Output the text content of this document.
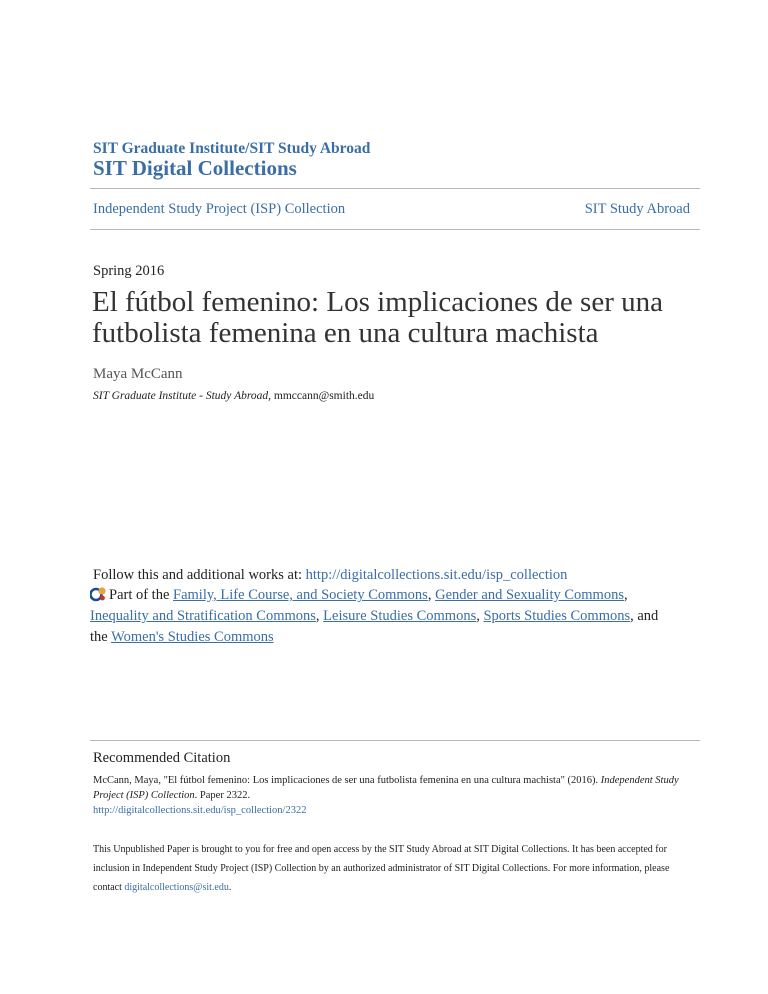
SIT Graduate Institute/SIT Study Abroad
SIT Digital Collections
Independent Study Project (ISP) Collection	SIT Study Abroad
Spring 2016
El fútbol femenino: Los implicaciones de ser una
futbolista femenina en una cultura machista
Maya McCann
SIT Graduate Institute - Study Abroad, mmccann@smith.edu
Follow this and additional works at: http://digitalcollections.sit.edu/isp_collection
Part of the Family, Life Course, and Society Commons, Gender and Sexuality Commons,
Inequality and Stratification Commons, Leisure Studies Commons, Sports Studies Commons, and
the Women's Studies Commons
Recommended Citation
McCann, Maya, "El fútbol femenino: Los implicaciones de ser una futbolista femenina en una cultura machista" (2016). Independent Study Project (ISP) Collection. Paper 2322.
http://digitalcollections.sit.edu/isp_collection/2322
This Unpublished Paper is brought to you for free and open access by the SIT Study Abroad at SIT Digital Collections. It has been accepted for inclusion in Independent Study Project (ISP) Collection by an authorized administrator of SIT Digital Collections. For more information, please contact digitalcollections@sit.edu.
